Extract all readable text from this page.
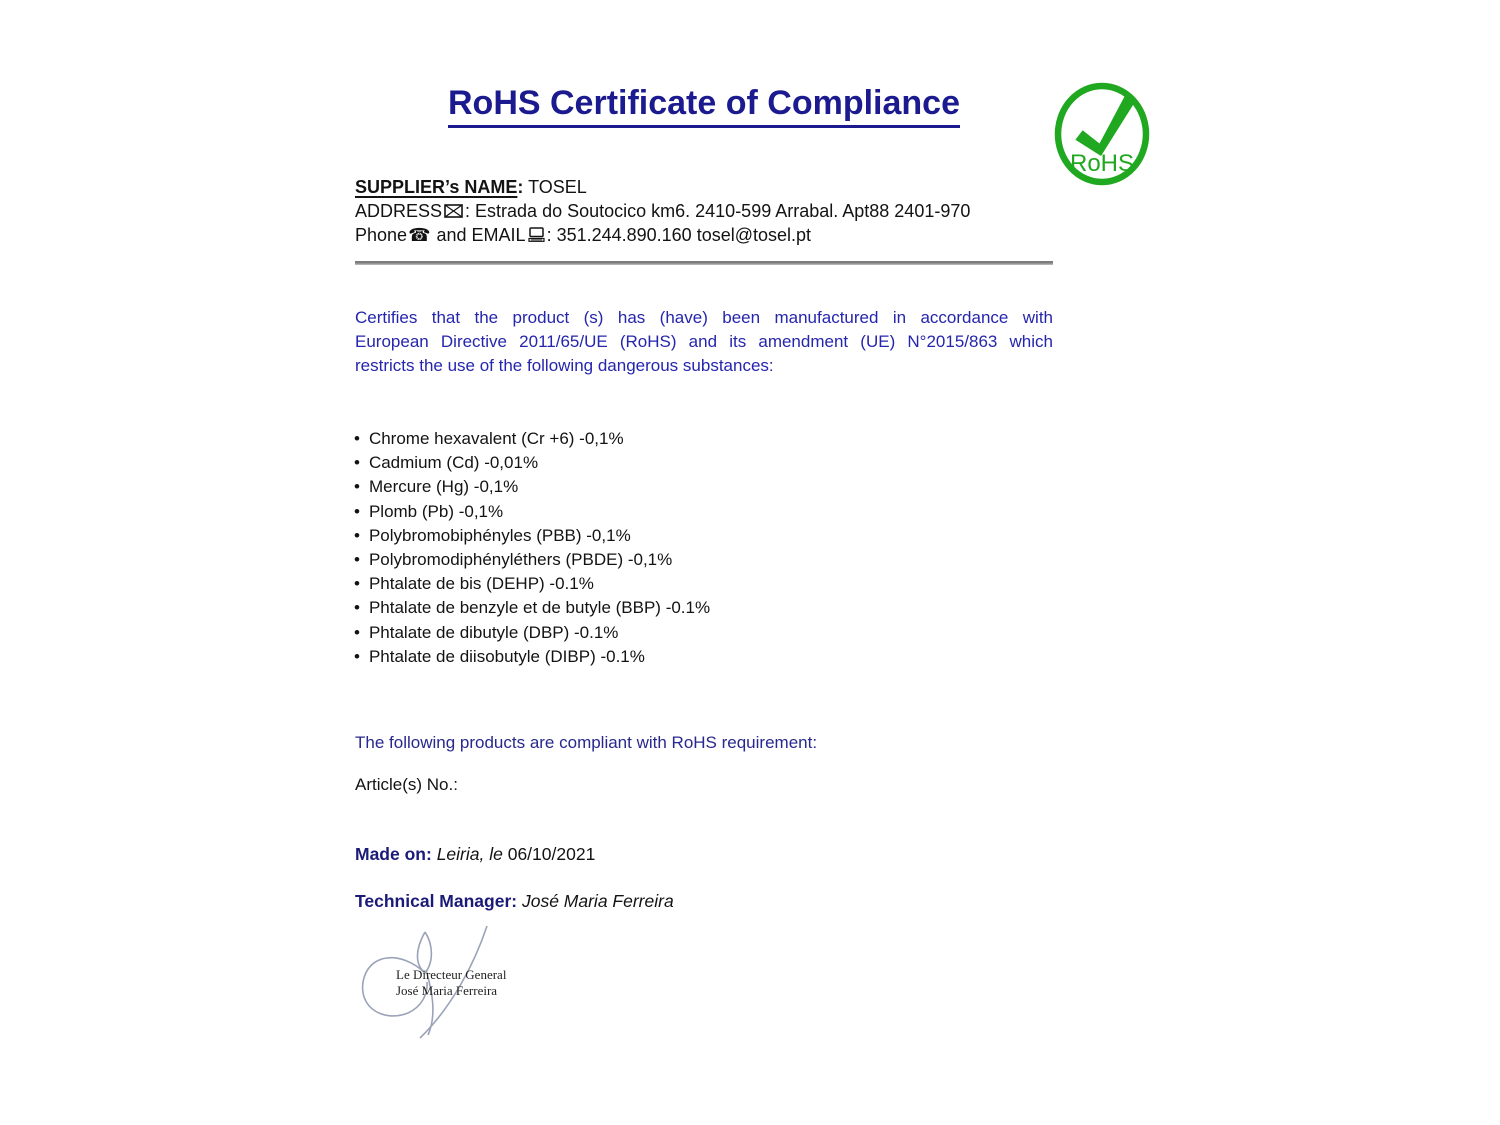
RoHS Certificate of Compliance
RoHS
SUPPLIER’s NAME: TOSEL
ADDRESS : Estrada do Soutocico km6. 2410-599 Arrabal. Apt88 2401-970
Phone☎ and EMAIL : 351.244.890.160 tosel@tosel.pt
Certifies that the product (s) has (have) been manufactured in accordance with
European Directive 2011/65/UE (RoHS) and its amendment (UE) N°2015/863 which
restricts the use of the following dangerous substances:
• Chrome hexavalent (Cr +6) -0,1%
• Cadmium (Cd) -0,01%
• Mercure (Hg) -0,1%
• Plomb (Pb) -0,1%
• Polybromobiphényles (PBB) -0,1%
• Polybromodiphényléthers (PBDE) -0,1%
• Phtalate de bis (DEHP) -0.1%
• Phtalate de benzyle et de butyle (BBP) -0.1%
• Phtalate de dibutyle (DBP) -0.1%
• Phtalate de diisobutyle (DIBP) -0.1%
The following products are compliant with RoHS requirement:
Article(s) No.:
Made on: Leiria, le 06/10/2021
Technical Manager: José Maria Ferreira
Le Directeur General
José Maria Ferreira
